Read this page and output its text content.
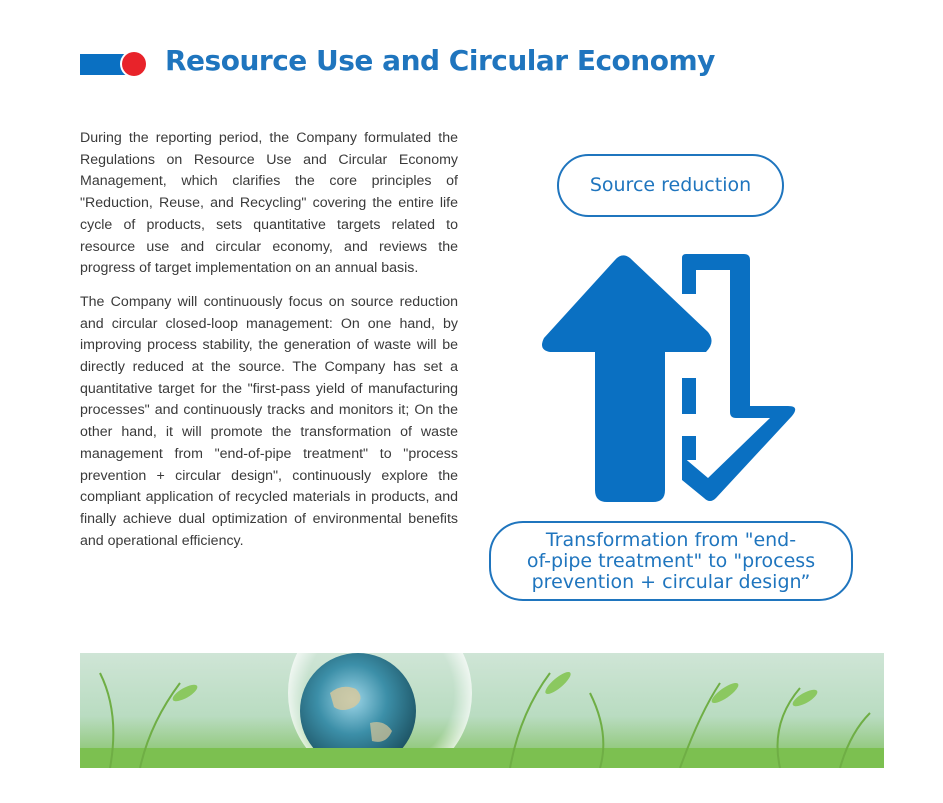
Resource Use and Circular Economy

During the reporting period, the Company formulated the Regulations on Resource Use and Circular Economy Management, which clarifies the core principles of "Reduction, Reuse, and Recycling" covering the entire life cycle of products, sets quantitative targets related to resource use and circular economy, and reviews the progress of target implementation on an annual basis.

The Company will continuously focus on source reduction and circular closed-loop management: On one hand, by improving process stability, the generation of waste will be directly reduced at the source. The Company has set a quantitative target for the "first-pass yield of manufacturing processes" and continuously tracks and monitors it; On the other hand, it will promote the transformation of waste management from "end-of-pipe treatment" to "process prevention + circular design", continuously explore the compliant application of recycled materials in products, and finally achieve dual optimization of environmental benefits and operational efficiency.

Source reduction
Transformation from "end-
of-pipe treatment" to "process
prevention + circular design”
